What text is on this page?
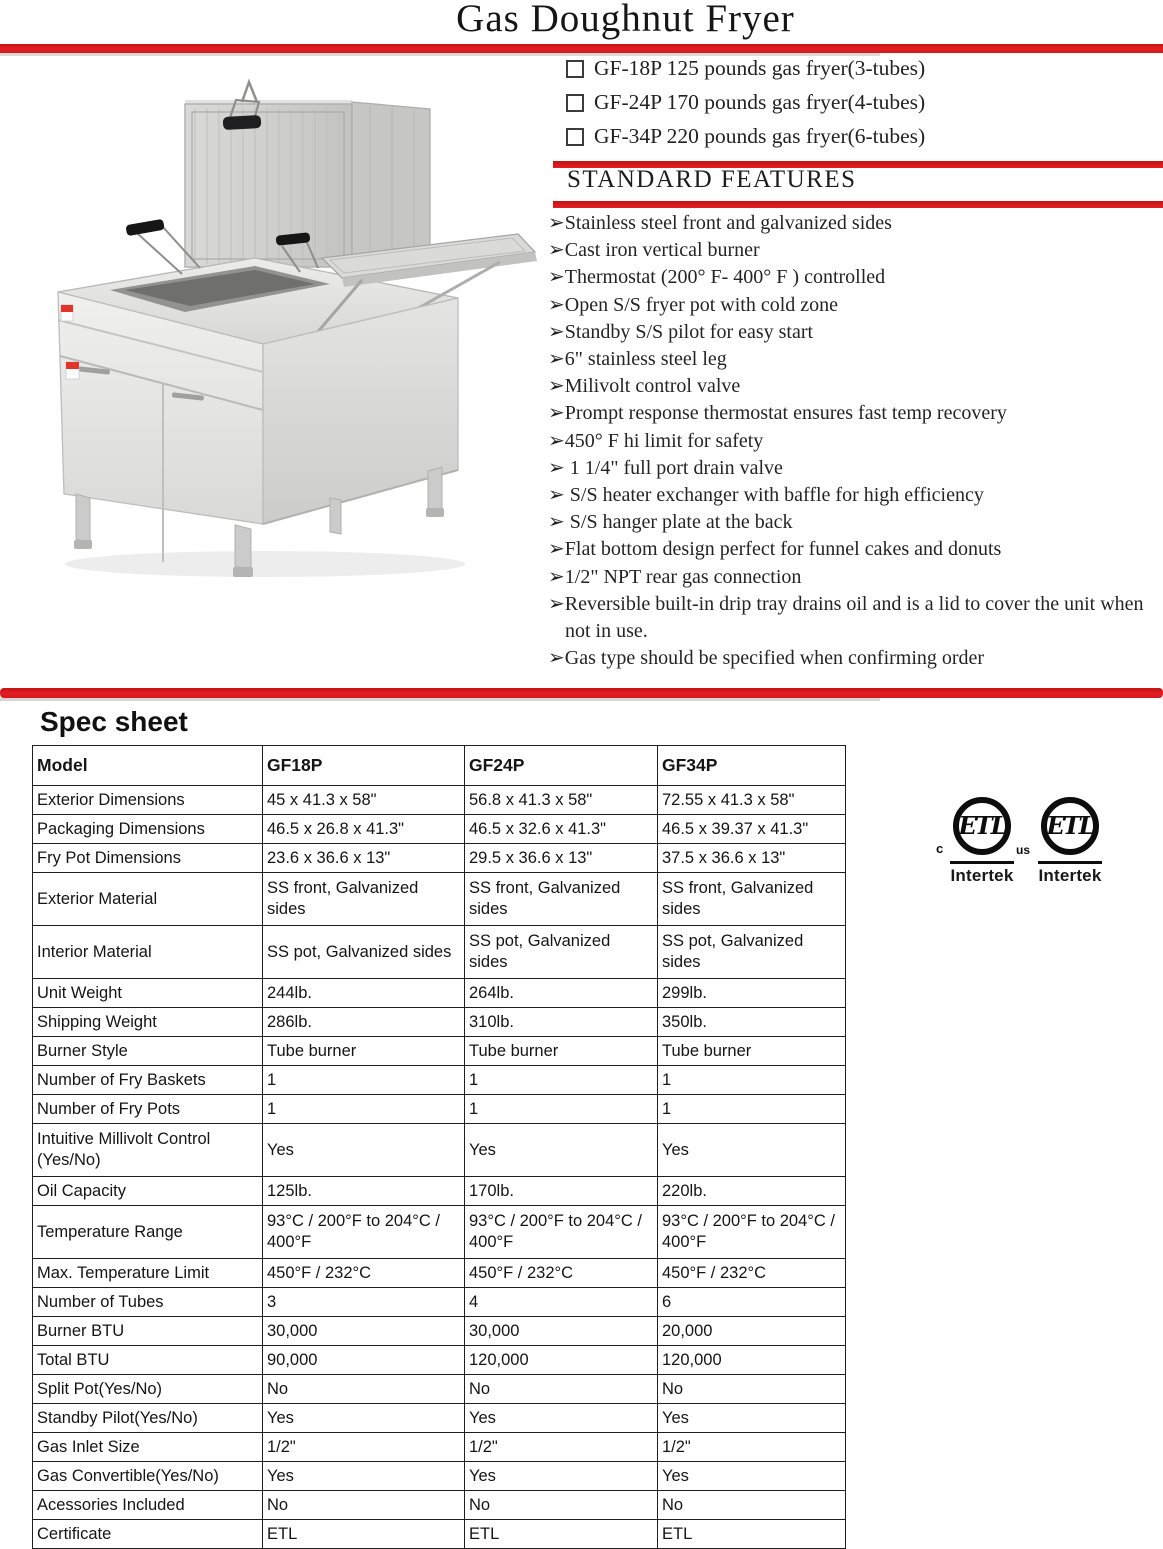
Gas Doughnut Fryer
GF-18P 125 pounds gas fryer(3-tubes)
GF-24P 170 pounds gas fryer(4-tubes)
GF-34P 220 pounds gas fryer(6-tubes)
STANDARD FEATURES
➢Stainless steel front and galvanized sides
➢Cast iron vertical burner
➢Thermostat (200° F- 400° F ) controlled
➢Open S/S fryer pot with cold zone
➢Standby S/S pilot for easy start
➢6" stainless steel leg
➢Milivolt control valve
➢Prompt response thermostat ensures fast temp recovery
➢450° F hi limit for safety
➢ 1 1/4" full port drain valve
➢ S/S heater exchanger with baffle for high efficiency
➢ S/S hanger plate at the back
➢Flat bottom design perfect for funnel cakes and donuts
➢1/2" NPT rear gas connection
➢Reversible built-in drip tray drains oil and is a lid to cover the unit when not in use.
➢Gas type should be specified when confirming order
Spec sheet
Model	GF18P	GF24P	GF34P
Exterior Dimensions	45 x 41.3 x 58"	56.8 x 41.3 x 58"	72.55 x 41.3 x 58"
Packaging Dimensions	46.5 x 26.8 x 41.3"	46.5 x 32.6 x 41.3"	46.5 x 39.37 x 41.3"
Fry Pot Dimensions	23.6 x 36.6 x 13"	29.5 x 36.6 x 13"	37.5 x 36.6 x 13"
Exterior Material	SS front, Galvanized sides	SS front, Galvanized sides	SS front, Galvanized sides
Interior Material	SS pot, Galvanized sides	SS pot, Galvanized sides	SS pot, Galvanized sides
Unit Weight	244lb.	264lb.	299lb.
Shipping Weight	286lb.	310lb.	350lb.
Burner Style	Tube burner	Tube burner	Tube burner
Number of Fry Baskets	1	1	1
Number of Fry Pots	1	1	1
Intuitive Millivolt Control (Yes/No)	Yes	Yes	Yes
Oil Capacity	125lb.	170lb.	220lb.
Temperature Range	93°C / 200°F to 204°C / 400°F	93°C / 200°F to 204°C / 400°F	93°C / 200°F to 204°C / 400°F
Max. Temperature Limit	450°F / 232°C	450°F / 232°C	450°F / 232°C
Number of Tubes	3	4	6
Burner BTU	30,000	30,000	20,000
Total BTU	90,000	120,000	120,000
Split Pot(Yes/No)	No	No	No
Standby Pilot(Yes/No)	Yes	Yes	Yes
Gas Inlet Size	1/2"	1/2"	1/2"
Gas Convertible(Yes/No)	Yes	Yes	Yes
Acessories Included	No	No	No
Certificate	ETL	ETL	ETL
c	us
ETL
Intertek
ETL
Intertek
